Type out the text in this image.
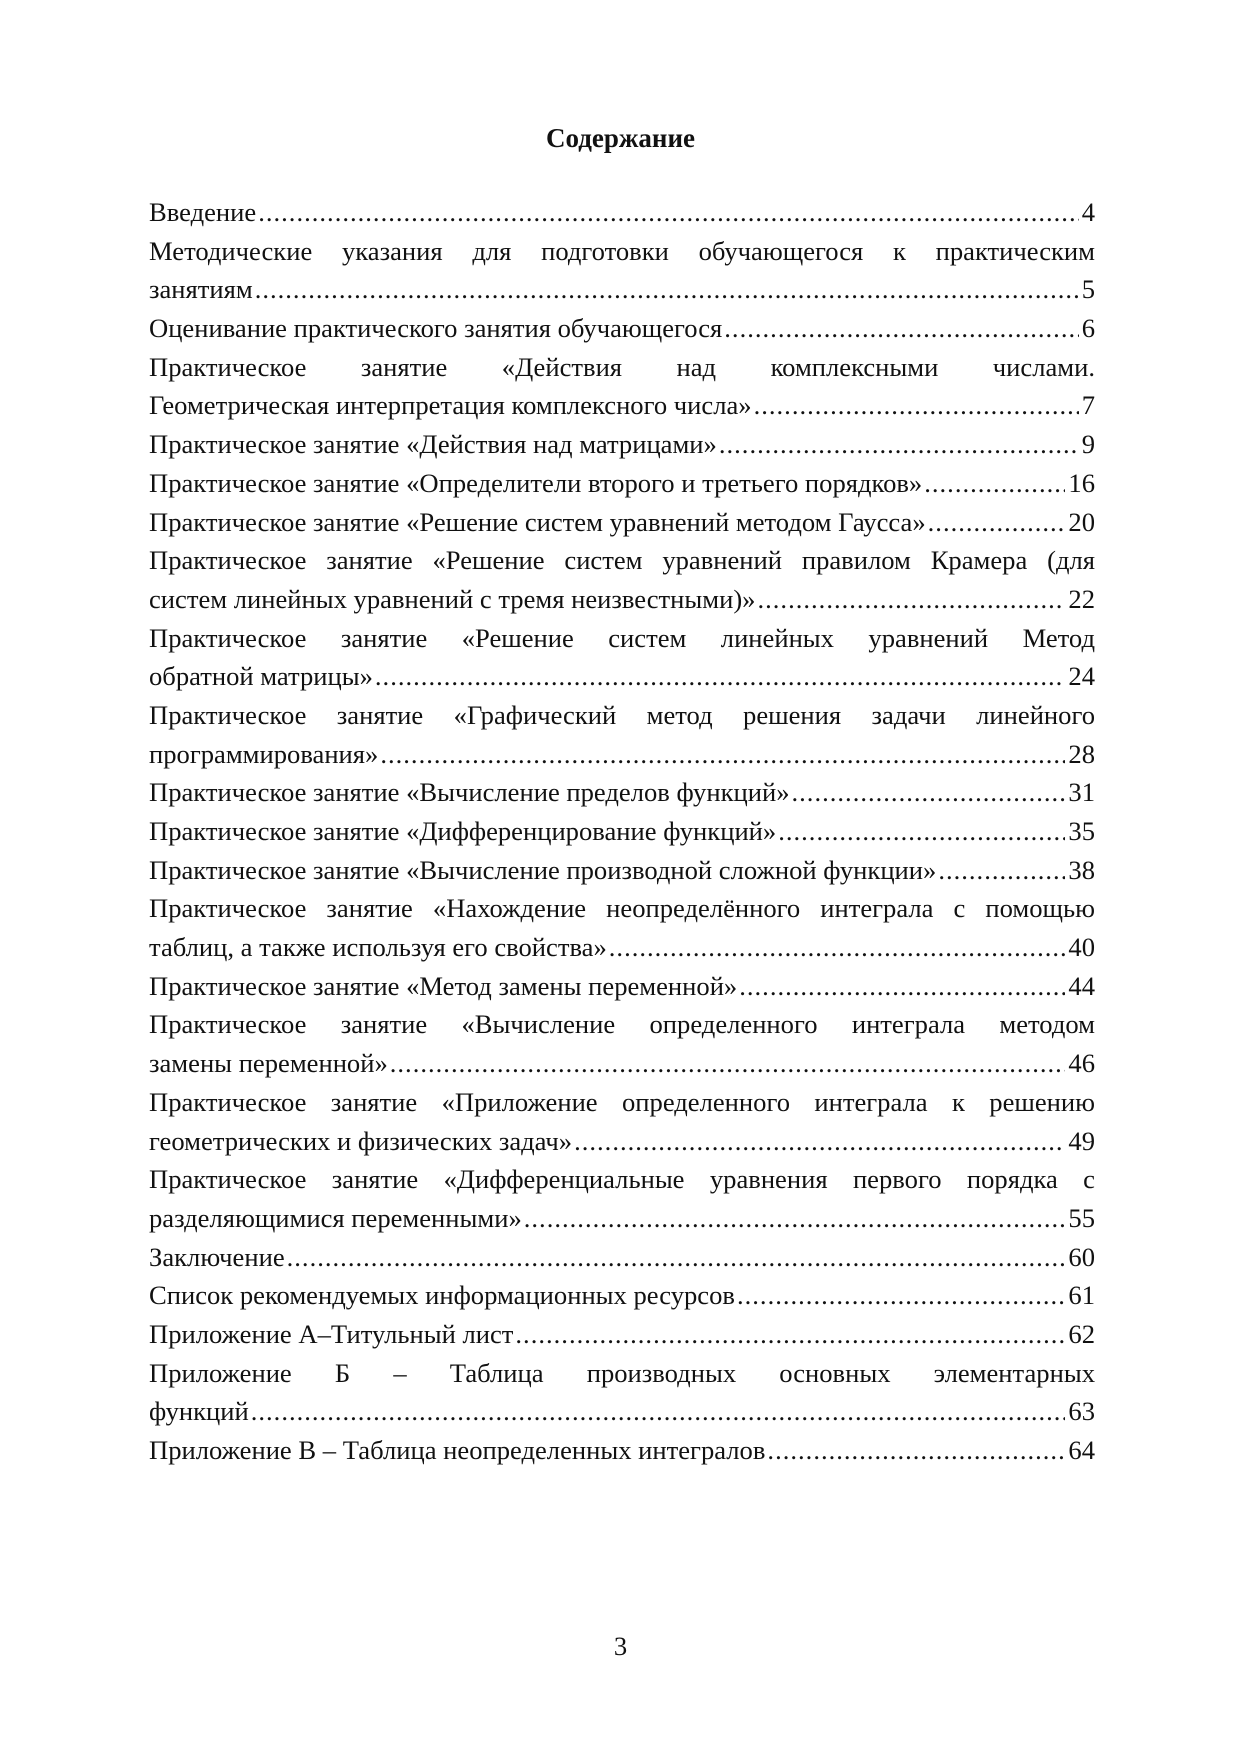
Содержание
Введение .....	4
Методические указания для подготовки обучающегося к практическим
занятиям .....	5
Оценивание практического занятия обучающегося .....	6
Практическое занятие «Действия над комплексными числами.
Геометрическая интерпретация комплексного числа» .....	7
Практическое занятие «Действия над матрицами» .....	9
Практическое занятие «Определители второго и третьего порядков» .....	16
Практическое занятие «Решение систем уравнений методом Гаусса» .....	20
Практическое занятие «Решение систем уравнений правилом Крамера (для
систем линейных уравнений с тремя неизвестными)» .....	22
Практическое занятие «Решение систем линейных уравнений Метод
обратной матрицы» .....	24
Практическое занятие «Графический метод решения задачи линейного
программирования» .....	28
Практическое занятие «Вычисление пределов функций» .....	31
Практическое занятие «Дифференцирование функций» .....	35
Практическое занятие «Вычисление производной сложной функции» .....	38
Практическое занятие «Нахождение неопределённого интеграла с помощью
таблиц, а также используя его свойства» .....	40
Практическое занятие «Метод замены переменной» .....	44
Практическое занятие «Вычисление определенного интеграла методом
замены переменной» .....	46
Практическое занятие «Приложение определенного интеграла к решению
геометрических и физических задач» .....	49
Практическое занятие «Дифференциальные уравнения первого порядка с
разделяющимися переменными» .....	55
Заключение .....	60
Список рекомендуемых информационных ресурсов .....	61
Приложение А–Титульный лист .....	62
Приложение Б – Таблица производных основных элементарных
функций .....	63
Приложение В – Таблица неопределенных интегралов .....	64
3
